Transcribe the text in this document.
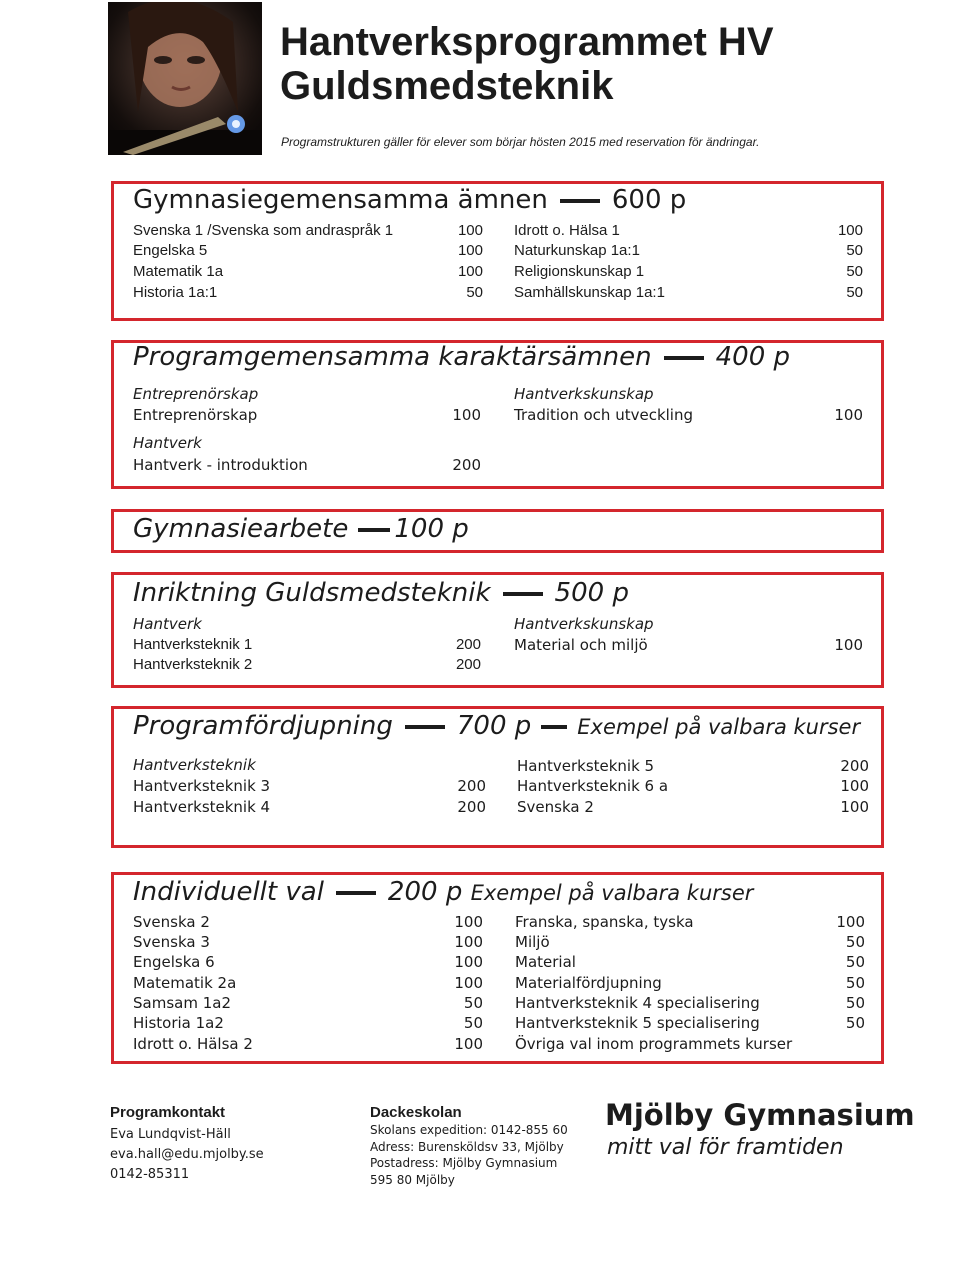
Hantverksprogrammet HV
Guldsmedsteknik
Programstrukturen gäller för elever som börjar hösten 2015 med reservation för ändringar.
Gymnasiegemensamma ämnen 600 p
Svenska 1 /Svenska som andraspråk 1	100
Engelska 5	100
Matematik 1a	100
Historia 1a:1	50
Idrott o. Hälsa 1	100
Naturkunskap 1a:1	50
Religionskunskap 1	50
Samhällskunskap 1a:1	50
Programgemensamma karaktärsämnen 400 p
Entreprenörskap
Entreprenörskap	100
Hantverkskunskap
Tradition och utveckling	100
Hantverk
Hantverk - introduktion	200
Gymnasiearbete 100 p
Inriktning Guldsmedsteknik 500 p
Hantverk
Hantverksteknik 1	200
Hantverksteknik 2	200
Hantverkskunskap
Material och miljö	100
Programfördjupning 700 p Exempel på valbara kurser
Hantverksteknik
Hantverksteknik 3	200
Hantverksteknik 4	200
Hantverksteknik 5	200
Hantverksteknik 6 a	100
Svenska 2	100
Individuellt val 200 p Exempel på valbara kurser
Svenska 2	100
Svenska 3	100
Engelska 6	100
Matematik 2a	100
Samsam 1a2	50
Historia 1a2	50
Idrott o. Hälsa 2	100
Franska, spanska, tyska	100
Miljö	50
Material	50
Materialfördjupning	50
Hantverksteknik 4 specialisering	50
Hantverksteknik 5 specialisering	50
Övriga val inom programmets kurser
Programkontakt
Eva Lundqvist-Häll
eva.hall@edu.mjolby.se
0142-85311
Dackeskolan
Skolans expedition: 0142-855 60
Adress: Burensköldsv 33, Mjölby
Postadress: Mjölby Gymnasium
595 80 Mjölby
Mjölby Gymnasium
mitt val för framtiden
